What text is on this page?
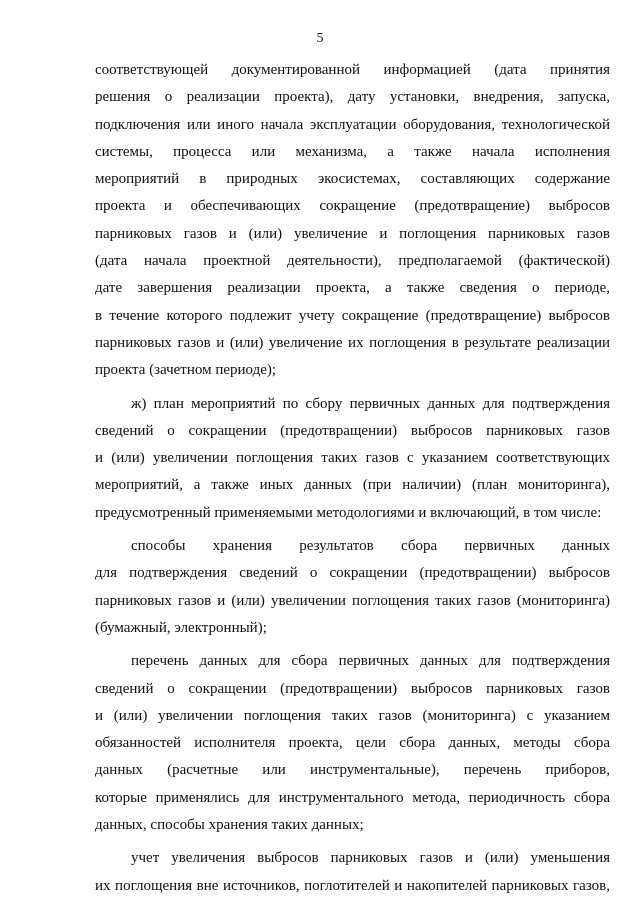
5
соответствующей документированной информацией (дата принятия
решения о реализации проекта), дату установки, внедрения, запуска,
подключения или иного начала эксплуатации оборудования, технологической
системы, процесса или механизма, а также начала исполнения
мероприятий в природных экосистемах, составляющих содержание
проекта и обеспечивающих сокращение (предотвращение) выбросов
парниковых газов и (или) увеличение и поглощения парниковых газов
(дата начала проектной деятельности), предполагаемой (фактической)
дате завершения реализации проекта, а также сведения о периоде,
в течение которого подлежит учету сокращение (предотвращение) выбросов
парниковых газов и (или) увеличение их поглощения в результате реализации
проекта (зачетном периоде);
ж) план мероприятий по сбору первичных данных для подтверждения
сведений о сокращении (предотвращении) выбросов парниковых газов
и (или) увеличении поглощения таких газов с указанием соответствующих
мероприятий, а также иных данных (при наличии) (план мониторинга),
предусмотренный применяемыми методологиями и включающий, в том числе:
способы хранения результатов сбора первичных данных
для подтверждения сведений о сокращении (предотвращении) выбросов
парниковых газов и (или) увеличении поглощения таких газов (мониторинга)
(бумажный, электронный);
перечень данных для сбора первичных данных для подтверждения
сведений о сокращении (предотвращении) выбросов парниковых газов
и (или) увеличении поглощения таких газов (мониторинга) с указанием
обязанностей исполнителя проекта, цели сбора данных, методы сбора
данных (расчетные или инструментальные), перечень приборов,
которые применялись для инструментального метода, периодичность сбора
данных, способы хранения таких данных;
учет увеличения выбросов парниковых газов и (или) уменьшения
их поглощения вне источников, поглотителей и накопителей парниковых газов,
